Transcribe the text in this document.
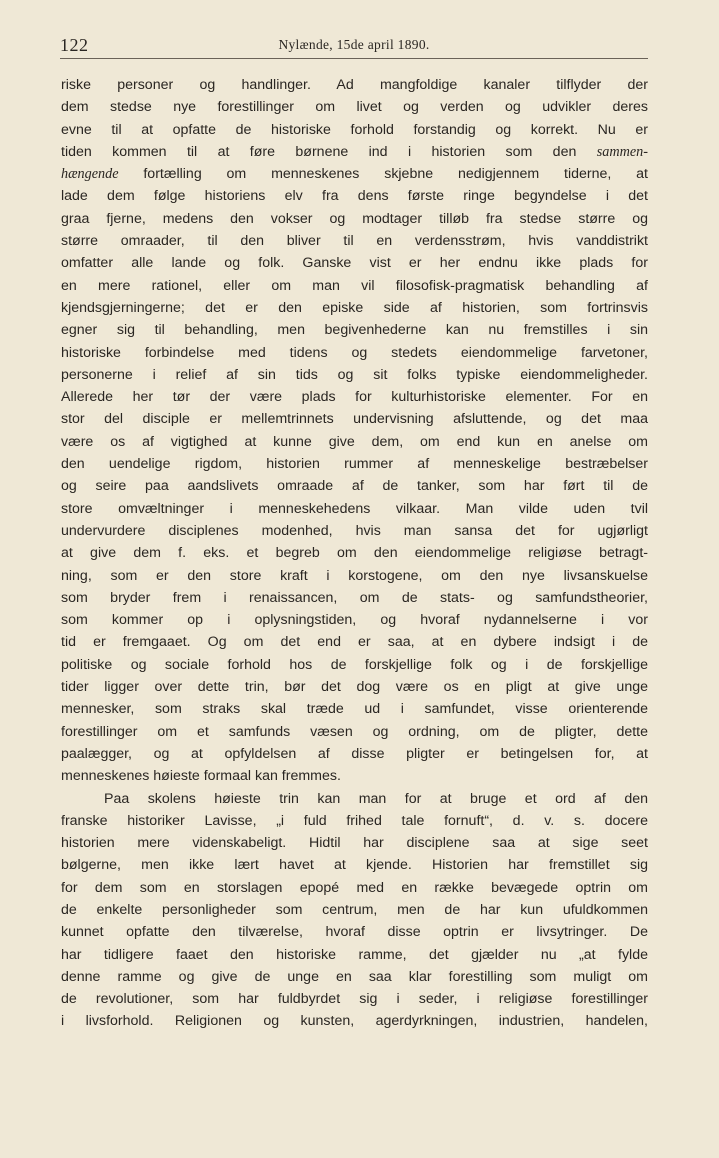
122	Nylænde, 15de april 1890.
riske personer og handlinger. Ad mangfoldige kanaler tilflyder der
dem stedse nye forestillinger om livet og verden og udvikler deres
evne til at opfatte de historiske forhold forstandig og korrekt. Nu er
tiden kommen til at føre børnene ind i historien som den sammen-
hængende fortælling om menneskenes skjebne nedigjennem tiderne, at
lade dem følge historiens elv fra dens første ringe begyndelse i det
graa fjerne, medens den vokser og modtager tilløb fra stedse større og
større omraader, til den bliver til en verdensstrøm, hvis vanddistrikt
omfatter alle lande og folk. Ganske vist er her endnu ikke plads for
en mere rationel, eller om man vil filosofisk-pragmatisk behandling af
kjendsgjerningerne; det er den episke side af historien, som fortrinsvis
egner sig til behandling, men begivenhederne kan nu fremstilles i sin
historiske forbindelse med tidens og stedets eiendommelige farvetoner,
personerne i relief af sin tids og sit folks typiske eiendommeligheder.
Allerede her tør der være plads for kulturhistoriske elementer. For en
stor del disciple er mellemtrinnets undervisning afsluttende, og det maa
være os af vigtighed at kunne give dem, om end kun en anelse om
den uendelige rigdom, historien rummer af menneskelige bestræbelser
og seire paa aandslivets omraade af de tanker, som har ført til de
store omvæltninger i menneskehedens vilkaar. Man vilde uden tvil
undervurdere disciplenes modenhed, hvis man sansa det for ugjørligt
at give dem f. eks. et begreb om den eiendommelige religiøse betragt-
ning, som er den store kraft i korstogene, om den nye livsanskuelse
som bryder frem i renaissancen, om de stats- og samfundstheorier,
som kommer op i oplysningstiden, og hvoraf nydannelserne i vor
tid er fremgaaet. Og om det end er saa, at en dybere indsigt i de
politiske og sociale forhold hos de forskjellige folk og i de forskjellige
tider ligger over dette trin, bør det dog være os en pligt at give unge
mennesker, som straks skal træde ud i samfundet, visse orienterende
forestillinger om et samfunds væsen og ordning, om de pligter, dette
paalægger, og at opfyldelsen af disse pligter er betingelsen for, at
menneskenes høieste formaal kan fremmes.
Paa skolens høieste trin kan man for at bruge et ord af den
franske historiker Lavisse, „i fuld frihed tale fornuft“, d. v. s. docere
historien mere videnskabeligt. Hidtil har disciplene saa at sige seet
bølgerne, men ikke lært havet at kjende. Historien har fremstillet sig
for dem som en storslagen epopé med en række bevægede optrin om
de enkelte personligheder som centrum, men de har kun ufuldkommen
kunnet opfatte den tilværelse, hvoraf disse optrin er livsytringer. De
har tidligere faaet den historiske ramme, det gjælder nu „at fylde
denne ramme og give de unge en saa klar forestilling som muligt om
de revolutioner, som har fuldbyrdet sig i seder, i religiøse forestillinger
i livsforhold. Religionen og kunsten, agerdyrkningen, industrien, handelen,
